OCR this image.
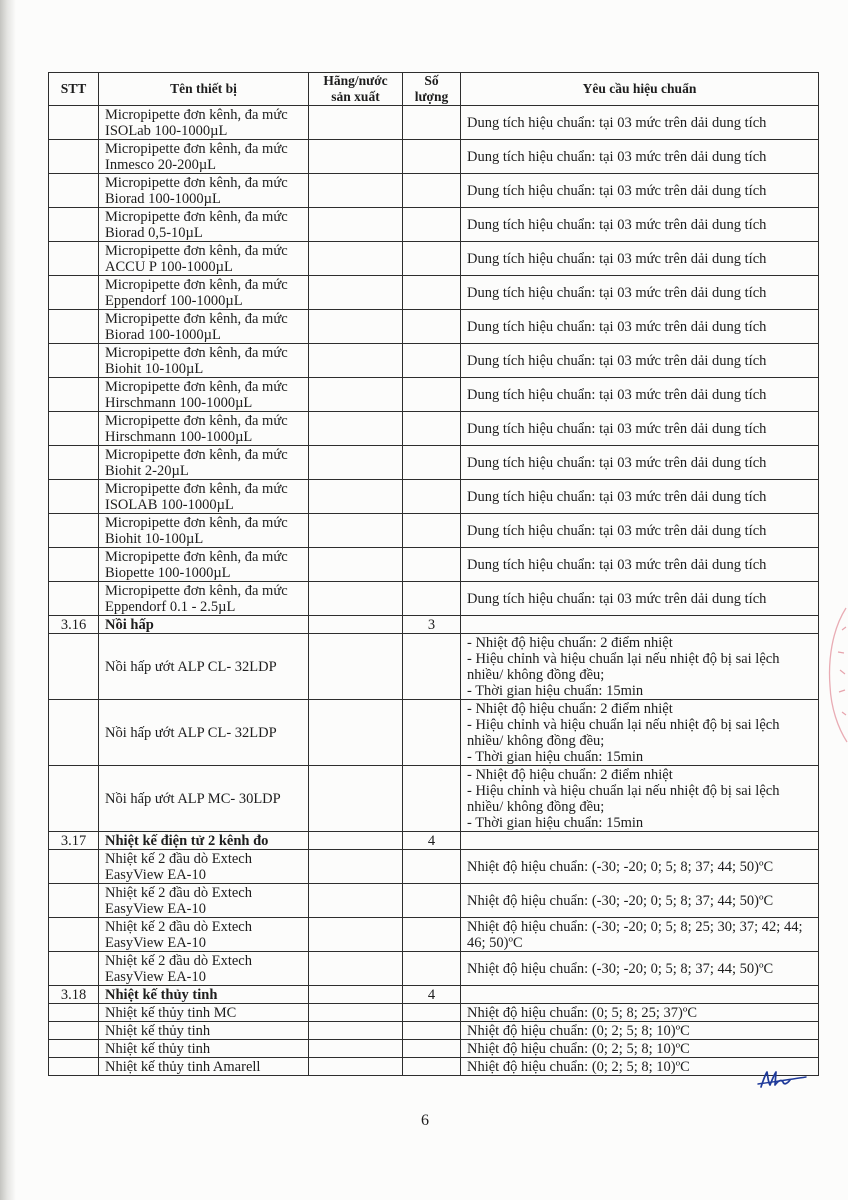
STT	Tên thiết bị	Hãng/nước sản xuất	Số lượng	Yêu cầu hiệu chuẩn
	Micropipette đơn kênh, đa mức ISOLab 100-1000µL			Dung tích hiệu chuẩn: tại 03 mức trên dải dung tích
	Micropipette đơn kênh, đa mức Inmesco 20-200µL			Dung tích hiệu chuẩn: tại 03 mức trên dải dung tích
	Micropipette đơn kênh, đa mức Biorad 100-1000µL			Dung tích hiệu chuẩn: tại 03 mức trên dải dung tích
	Micropipette đơn kênh, đa mức Biorad 0,5-10µL			Dung tích hiệu chuẩn: tại 03 mức trên dải dung tích
	Micropipette đơn kênh, đa mức ACCU P 100-1000µL			Dung tích hiệu chuẩn: tại 03 mức trên dải dung tích
	Micropipette đơn kênh, đa mức Eppendorf 100-1000µL			Dung tích hiệu chuẩn: tại 03 mức trên dải dung tích
	Micropipette đơn kênh, đa mức Biorad 100-1000µL			Dung tích hiệu chuẩn: tại 03 mức trên dải dung tích
	Micropipette đơn kênh, đa mức Biohit 10-100µL			Dung tích hiệu chuẩn: tại 03 mức trên dải dung tích
	Micropipette đơn kênh, đa mức Hirschmann 100-1000µL			Dung tích hiệu chuẩn: tại 03 mức trên dải dung tích
	Micropipette đơn kênh, đa mức Hirschmann 100-1000µL			Dung tích hiệu chuẩn: tại 03 mức trên dải dung tích
	Micropipette đơn kênh, đa mức Biohit 2-20µL			Dung tích hiệu chuẩn: tại 03 mức trên dải dung tích
	Micropipette đơn kênh, đa mức ISOLAB 100-1000µL			Dung tích hiệu chuẩn: tại 03 mức trên dải dung tích
	Micropipette đơn kênh, đa mức Biohit 10-100µL			Dung tích hiệu chuẩn: tại 03 mức trên dải dung tích
	Micropipette đơn kênh, đa mức Biopette 100-1000µL			Dung tích hiệu chuẩn: tại 03 mức trên dải dung tích
	Micropipette đơn kênh, đa mức Eppendorf 0.1 - 2.5µL			Dung tích hiệu chuẩn: tại 03 mức trên dải dung tích
3.16	Nồi hấp		3	
	Nồi hấp ướt ALP CL- 32LDP			- Nhiệt độ hiệu chuẩn: 2 điểm nhiệt
- Hiệu chỉnh và hiệu chuẩn lại nếu nhiệt độ bị sai lệch nhiều/ không đồng đều;
- Thời gian hiệu chuẩn: 15min

	Nồi hấp ướt ALP CL- 32LDP			- Nhiệt độ hiệu chuẩn: 2 điểm nhiệt
- Hiệu chỉnh và hiệu chuẩn lại nếu nhiệt độ bị sai lệch nhiều/ không đồng đều;
- Thời gian hiệu chuẩn: 15min

	Nồi hấp ướt ALP MC- 30LDP			- Nhiệt độ hiệu chuẩn: 2 điểm nhiệt
- Hiệu chỉnh và hiệu chuẩn lại nếu nhiệt độ bị sai lệch nhiều/ không đồng đều;
- Thời gian hiệu chuẩn: 15min

3.17	Nhiệt kế điện tử 2 kênh đo		4	
	Nhiệt kế 2 đầu dò Extech EasyView EA-10			Nhiệt độ hiệu chuẩn: (-30; -20; 0; 5; 8; 37; 44; 50)ºC
	Nhiệt kế 2 đầu dò Extech EasyView EA-10			Nhiệt độ hiệu chuẩn: (-30; -20; 0; 5; 8; 37; 44; 50)ºC
	Nhiệt kế 2 đầu dò Extech EasyView EA-10			Nhiệt độ hiệu chuẩn: (-30; -20; 0; 5; 8; 25; 30; 37; 42; 44; 46; 50)ºC
	Nhiệt kế 2 đầu dò Extech EasyView EA-10			Nhiệt độ hiệu chuẩn: (-30; -20; 0; 5; 8; 37; 44; 50)ºC
3.18	Nhiệt kế thủy tinh		4	
	Nhiệt kế thủy tinh MC			Nhiệt độ hiệu chuẩn: (0; 5; 8; 25; 37)ºC
	Nhiệt kế thủy tinh			Nhiệt độ hiệu chuẩn: (0; 2; 5; 8; 10)ºC
	Nhiệt kế thủy tinh			Nhiệt độ hiệu chuẩn: (0; 2; 5; 8; 10)ºC
	Nhiệt kế thủy tinh Amarell			Nhiệt độ hiệu chuẩn: (0; 2; 5; 8; 10)ºC
6
